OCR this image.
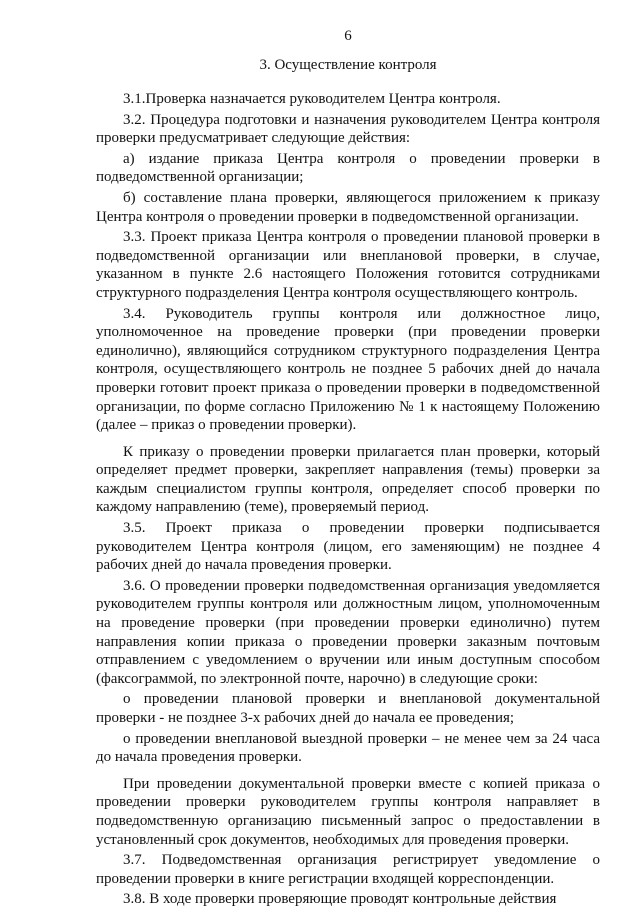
6
3. Осуществление контроля

3.1.Проверка назначается руководителем Центра контроля.

3.2. Процедура подготовки и назначения руководителем Центра контроля проверки предусматривает следующие действия:

а) издание приказа Центра контроля о проведении проверки в подведомственной организации;

б) составление плана проверки, являющегося приложением к приказу Центра контроля о проведении проверки в подведомственной организации.

3.3. Проект приказа Центра контроля о проведении плановой проверки в подведомственной организации или внеплановой проверки, в случае, указанном в пункте 2.6 настоящего Положения готовится сотрудниками структурного подразделения Центра контроля осуществляющего контроль.

3.4. Руководитель группы контроля или должностное лицо, уполномоченное на проведение проверки (при проведении проверки единолично), являющийся сотрудником структурного подразделения Центра контроля, осуществляющего контроль не позднее 5 рабочих дней до начала проверки готовит проект приказа о проведении проверки в подведомственной организации, по форме согласно Приложению № 1 к настоящему Положению (далее – приказ о проведении проверки).

К приказу о проведении проверки прилагается план проверки, который определяет предмет проверки, закрепляет направления (темы) проверки за каждым специалистом группы контроля, определяет способ проверки по каждому направлению (теме), проверяемый период.

3.5. Проект приказа о проведении проверки подписывается руководителем Центра контроля (лицом, его заменяющим) не позднее 4 рабочих дней до начала проведения проверки.

3.6. О проведении проверки подведомственная организация уведомляется руководителем группы контроля или должностным лицом, уполномоченным на проведение проверки (при проведении проверки единолично) путем направления копии приказа о проведении проверки заказным почтовым отправлением с уведомлением о вручении или иным доступным способом (факсограммой, по электронной почте, нарочно) в следующие сроки:

о проведении плановой проверки и внеплановой документальной проверки - не позднее 3-х рабочих дней до начала ее проведения;

о проведении внеплановой выездной проверки – не менее чем за 24 часа до начала проведения проверки.

При проведении документальной проверки вместе с копией приказа о проведении проверки руководителем группы контроля направляет в подведомственную организацию письменный запрос о предоставлении в установленный срок документов, необходимых для проведения проверки.

3.7. Подведомственная организация регистрирует уведомление о проведении проверки в книге регистрации входящей корреспонденции.

3.8. В ходе проверки проверяющие проводят контрольные действия
